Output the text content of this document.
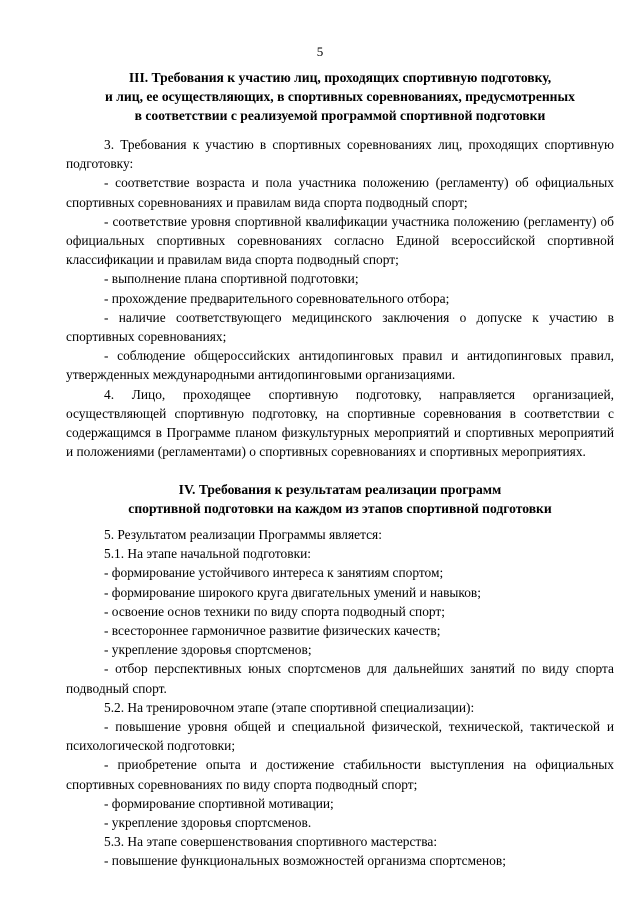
5
III. Требования к участию лиц, проходящих спортивную подготовку,
и лиц, ее осуществляющих, в спортивных соревнованиях, предусмотренных
в соответствии с реализуемой программой спортивной подготовки

3. Требования к участию в спортивных соревнованиях лиц, проходящих спортивную подготовку:

- соответствие возраста и пола участника положению (регламенту) об официальных спортивных соревнованиях и правилам вида спорта подводный спорт;

- соответствие уровня спортивной квалификации участника положению (регламенту) об официальных спортивных соревнованиях согласно Единой всероссийской спортивной классификации и правилам вида спорта подводный спорт;

- выполнение плана спортивной подготовки;

- прохождение предварительного соревновательного отбора;

- наличие соответствующего медицинского заключения о допуске к участию в спортивных соревнованиях;

- соблюдение общероссийских антидопинговых правил и антидопинговых правил, утвержденных международными антидопинговыми организациями.

4. Лицо, проходящее спортивную подготовку, направляется организацией, осуществляющей спортивную подготовку, на спортивные соревнования в соответствии с содержащимся в Программе планом физкультурных мероприятий и спортивных мероприятий и положениями (регламентами) о спортивных соревнованиях и спортивных мероприятиях.

IV. Требования к результатам реализации программ
спортивной подготовки на каждом из этапов спортивной подготовки

5. Результатом реализации Программы является:

5.1. На этапе начальной подготовки:

- формирование устойчивого интереса к занятиям спортом;

- формирование широкого круга двигательных умений и навыков;

- освоение основ техники по виду спорта подводный спорт;

- всестороннее гармоничное развитие физических качеств;

- укрепление здоровья спортсменов;

- отбор перспективных юных спортсменов для дальнейших занятий по виду спорта подводный спорт.

5.2. На тренировочном этапе (этапе спортивной специализации):

- повышение уровня общей и специальной физической, технической, тактической и психологической подготовки;

- приобретение опыта и достижение стабильности выступления на официальных спортивных соревнованиях по виду спорта подводный спорт;

- формирование спортивной мотивации;

- укрепление здоровья спортсменов.

5.3. На этапе совершенствования спортивного мастерства:

- повышение функциональных возможностей организма спортсменов;
